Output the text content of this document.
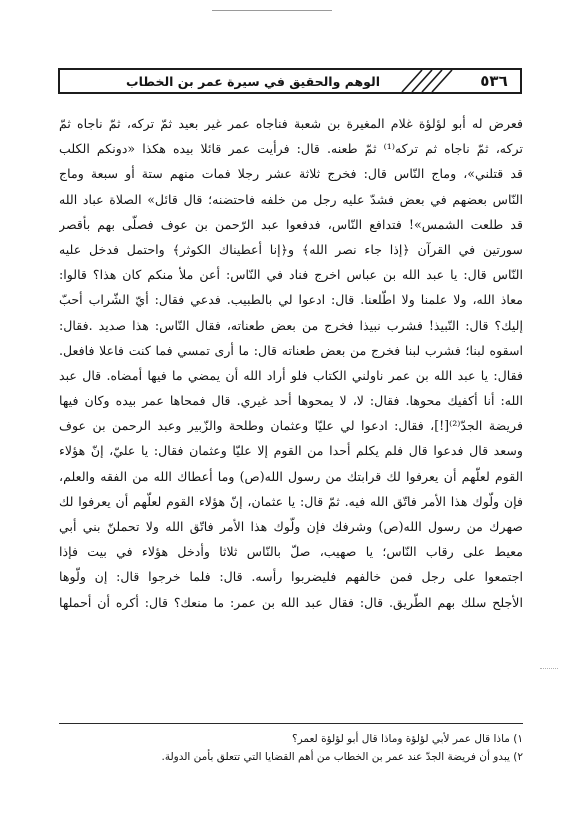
٥٣٦
الوهم والحقيق في سيرة عمر بن الخطاب
فعرض له أبو لؤلؤة غلام المغيرة بن شعبة فناجاه عمر غير بعيد ثمّ تركه، ثمّ ناجاه ثمّ
تركه، ثمّ ناجاه ثم تركه⁽¹⁾ ثمّ طعنه. قال: فرأيت عمر قائلا بيده هكذا «دونكم الكلب
قد قتلني»، وماج النّاس قال: فخرج ثلاثة عشر رجلا فمات منهم ستة أو سبعة وماج
النّاس بعضهم في بعض فشدّ عليه رجل من خلفه فاحتضنه؛ قال قائل» الصلاة عباد الله
قد طلعت الشمس»! فتدافع النّاس، فدفعوا عبد الرّحمن بن عوف فصلّى بهم بأقصر
سورتين في القرآن ﴿إذا جاء نصر الله﴾ و﴿إنا أعطيناك الكوثر﴾ واحتمل فدخل عليه
النّاس قال: يا عبد الله بن عباس اخرج فناد في النّاس: أعن ملأ منكم كان هذا؟ قالوا:
معاذ الله، ولا علمنا ولا اطّلعنا. قال: ادعوا لي بالطبيب. فدعي فقال: أيّ الشّراب أحبّ
إليك؟ قال: النّبيذ! فشرب نبيذا فخرج من بعض طعناته، فقال النّاس: هذا صديد .فقال:
اسقوه لبنا؛ فشرب لبنا فخرج من بعض طعناته قال: ما أرى تمسي فما كنت فاعلا فافعل.
فقال: يا عبد الله بن عمر ناولني الكتاب فلو أراد الله أن يمضي ما فيها أمضاه. قال عبد
الله: أنا أكفيك محوها. فقال: لا، لا يمحوها أحد غيري. قال فمحاها عمر بيده وكان فيها
فريضة الجدّ⁽²⁾[!]، فقال: ادعوا لي عليّا وعثمان وطلحة والزّبير وعبد الرحمن بن عوف
وسعد قال فدعوا قال فلم يكلم أحدا من القوم إلا عليّا وعثمان فقال: يا عليّ، إنّ هؤلاء
القوم لعلّهم أن يعرفوا لك قرابتك من رسول الله(ص) وما أعطاك الله من الفقه والعلم،
فإن ولّوك هذا الأمر فاتّق الله فيه. ثمّ قال: يا عثمان، إنّ هؤلاء القوم لعلّهم أن يعرفوا لك
صهرك من رسول الله(ص) وشرفك فإن ولّوك هذا الأمر فاتّق الله ولا تحملنّ بني أبي
معيط على رقاب النّاس؛ يا صهيب، صلّ بالنّاس ثلاثا وأدخل هؤلاء في بيت فإذا
اجتمعوا على رجل فمن خالفهم فليضربوا رأسه. قال: فلما خرجوا قال: إن ولّوها
الأجلح سلك بهم الطّريق. قال: فقال عبد الله بن عمر: ما منعك؟ قال: أكره أن أحملها
١) ماذا قال عمر لأبي لؤلؤة وماذا قال أبو لؤلؤة لعمر؟
٢) يبدو أن فريضة الجدّ عند عمر بن الخطاب من أهم القضايا التي تتعلق بأمن الدولة.
